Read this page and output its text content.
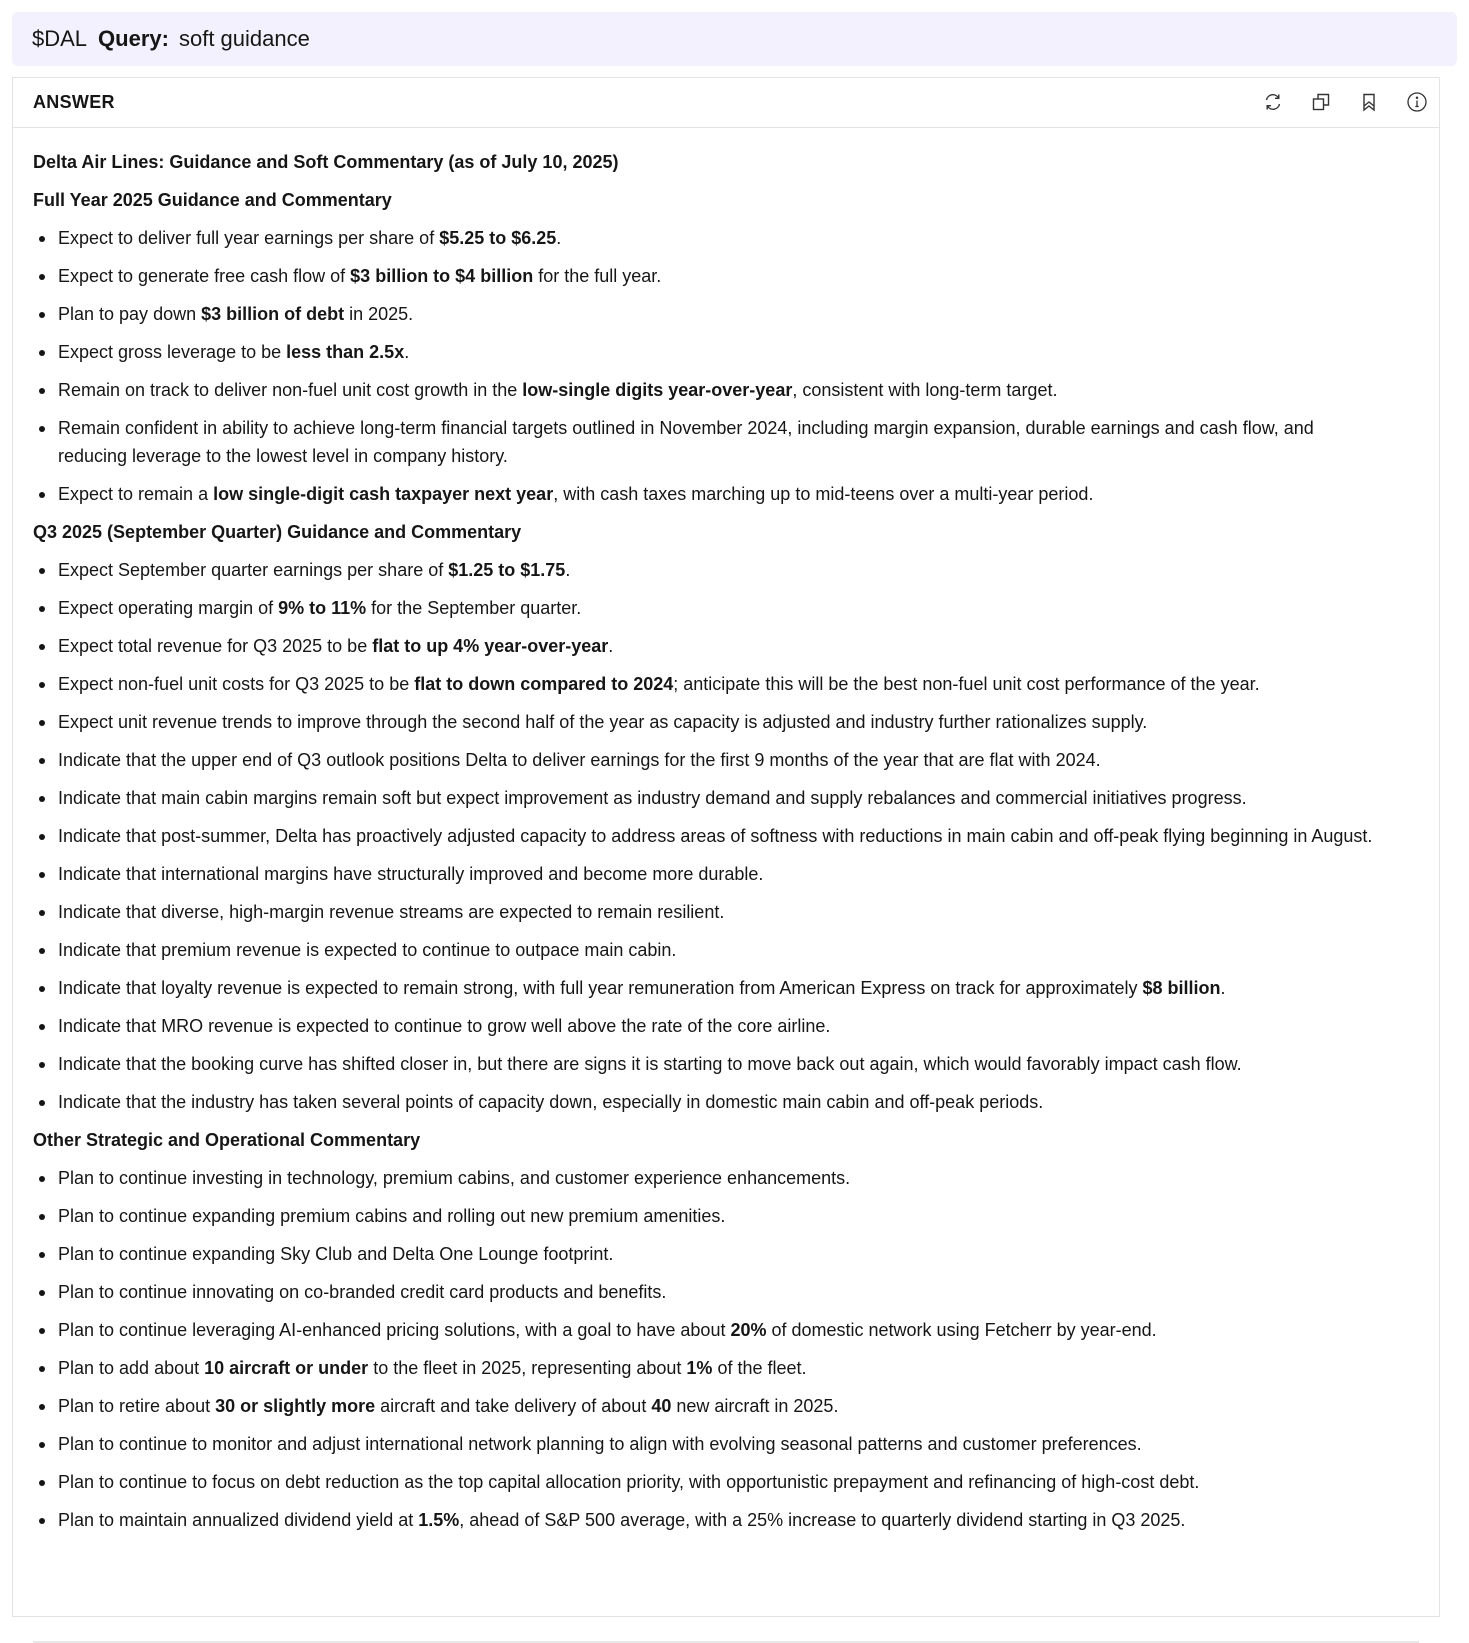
$DAL Query: soft guidance
ANSWER
Delta Air Lines: Guidance and Soft Commentary (as of July 10, 2025)
Full Year 2025 Guidance and Commentary
Expect to deliver full year earnings per share of $5.25 to $6.25.
Expect to generate free cash flow of $3 billion to $4 billion for the full year.
Plan to pay down $3 billion of debt in 2025.
Expect gross leverage to be less than 2.5x.
Remain on track to deliver non-fuel unit cost growth in the low-single digits year-over-year, consistent with long-term target.
Remain confident in ability to achieve long-term financial targets outlined in November 2024, including margin expansion, durable earnings and cash flow, and reducing leverage to the lowest level in company history.
Expect to remain a low single-digit cash taxpayer next year, with cash taxes marching up to mid-teens over a multi-year period.
Q3 2025 (September Quarter) Guidance and Commentary
Expect September quarter earnings per share of $1.25 to $1.75.
Expect operating margin of 9% to 11% for the September quarter.
Expect total revenue for Q3 2025 to be flat to up 4% year-over-year.
Expect non-fuel unit costs for Q3 2025 to be flat to down compared to 2024; anticipate this will be the best non-fuel unit cost performance of the year.
Expect unit revenue trends to improve through the second half of the year as capacity is adjusted and industry further rationalizes supply.
Indicate that the upper end of Q3 outlook positions Delta to deliver earnings for the first 9 months of the year that are flat with 2024.
Indicate that main cabin margins remain soft but expect improvement as industry demand and supply rebalances and commercial initiatives progress.
Indicate that post-summer, Delta has proactively adjusted capacity to address areas of softness with reductions in main cabin and off-peak flying beginning in August.
Indicate that international margins have structurally improved and become more durable.
Indicate that diverse, high-margin revenue streams are expected to remain resilient.
Indicate that premium revenue is expected to continue to outpace main cabin.
Indicate that loyalty revenue is expected to remain strong, with full year remuneration from American Express on track for approximately $8 billion.
Indicate that MRO revenue is expected to continue to grow well above the rate of the core airline.
Indicate that the booking curve has shifted closer in, but there are signs it is starting to move back out again, which would favorably impact cash flow.
Indicate that the industry has taken several points of capacity down, especially in domestic main cabin and off-peak periods.
Other Strategic and Operational Commentary
Plan to continue investing in technology, premium cabins, and customer experience enhancements.
Plan to continue expanding premium cabins and rolling out new premium amenities.
Plan to continue expanding Sky Club and Delta One Lounge footprint.
Plan to continue innovating on co-branded credit card products and benefits.
Plan to continue leveraging AI-enhanced pricing solutions, with a goal to have about 20% of domestic network using Fetcherr by year-end.
Plan to add about 10 aircraft or under to the fleet in 2025, representing about 1% of the fleet.
Plan to retire about 30 or slightly more aircraft and take delivery of about 40 new aircraft in 2025.
Plan to continue to monitor and adjust international network planning to align with evolving seasonal patterns and customer preferences.
Plan to continue to focus on debt reduction as the top capital allocation priority, with opportunistic prepayment and refinancing of high-cost debt.
Plan to maintain annualized dividend yield at 1.5%, ahead of S&P 500 average, with a 25% increase to quarterly dividend starting in Q3 2025.
